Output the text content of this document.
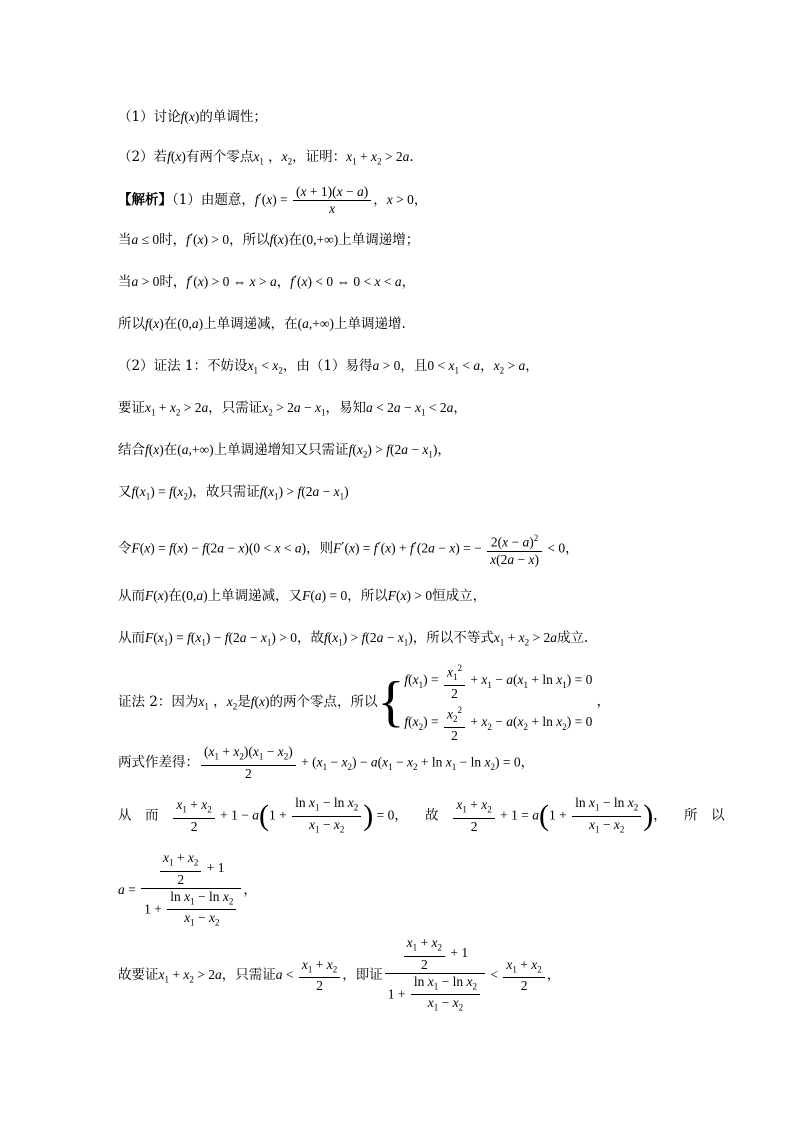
（1）讨论f(x)的单调性；
（2）若f(x)有两个零点$x_1$ ，$x_2$，证明：$x_1 + x_2 > 2a$.
【解析】（1）由题意，$f'(x) = \frac{(x + 1)(x - a)}{x}$ ，x > 0，
当a ≤ 0时，f′(x) > 0，所以f(x)在(0,+∞)上单调递增；
当a > 0时，f′(x) > 0 ⇔ x > a，f′(x) < 0 ⇔ 0 < x < a，
所以f(x)在(0,a)上单调递减，在(a,+∞)上单调递增.
（2）证法 1：不妨设$x_1 < x_2$，由（1）易得a > 0，且$0 < x_1 < a$，$x_2 > a$，
要证$x_1 + x_2 > 2a$，只需证$x_2 > 2a - x_1$，易知$a < 2a - x_1 < 2a$，
结合f(x)在(a,+∞)上单调递增知又只需证$f(x_2) > f(2a - x_1)$，
又$f(x_1) = f(x_2)$，故只需证$f(x_1) > f(2a - x_1)$
令F(x) = f(x) − f(2a − x)(0 < x < a)，则F′(x) = f′(x) + f′(2a − x) = − $\frac{2(x - a)^2}{x(2a - x)} < 0$，
从而F(x)在(0,a)上单调递减，又F(a) = 0，所以F(x) > 0恒成立，
从而$F(x_1) = f(x_1) - f(2a - x_1) > 0$，故$f(x_1) > f(2a - x_1)$，所以不等式$x_1 + x_2 > 2a$成立.
证法 2：因为$x_1$ ，$x_2$是f(x)的两个零点，所以{ $f(x_1) = \frac{x_1^2}{2} + x_1 - a(x_1 + \ln x_1) = 0$
$f(x_2) = \frac{x_2^2}{2} + x_2 - a(x_2 + \ln x_2) = 0$
，
两式作差得： $\frac{(x_1 + x_2)(x_1 - x_2)}{2} + (x_1 - x_2) - a(x_1 - x_2 + \ln x_1 - \ln x_2) = 0$，
从　而 $\frac{x_1 + x_2}{2} + 1 - a(1 + \frac{\ln x_1 - \ln x_2}{x_1 - x_2}$ ) = 0，    故 $\frac{x_1 + x_2}{2} + 1 = a(1 + \frac{\ln x_1 - \ln x_2}{x_1 - x_2}$ )，    所　以
$a = \frac{\frac{x_1 + x_2}{2} + 1}{1 + \frac{\ln x_1 - \ln x_2}{x_1 - x_2}}$ ，
故要证$x_1 + x_2 > 2a$，只需证$a < \frac{x_1 + x_2}{2}$ ，即证 $\frac{\frac{x_1 + x_2}{2} + 1}{1 + \frac{\ln x_1 - \ln x_2}{x_1 - x_2}} < \frac{x_1 + x_2}{2}$ ，
